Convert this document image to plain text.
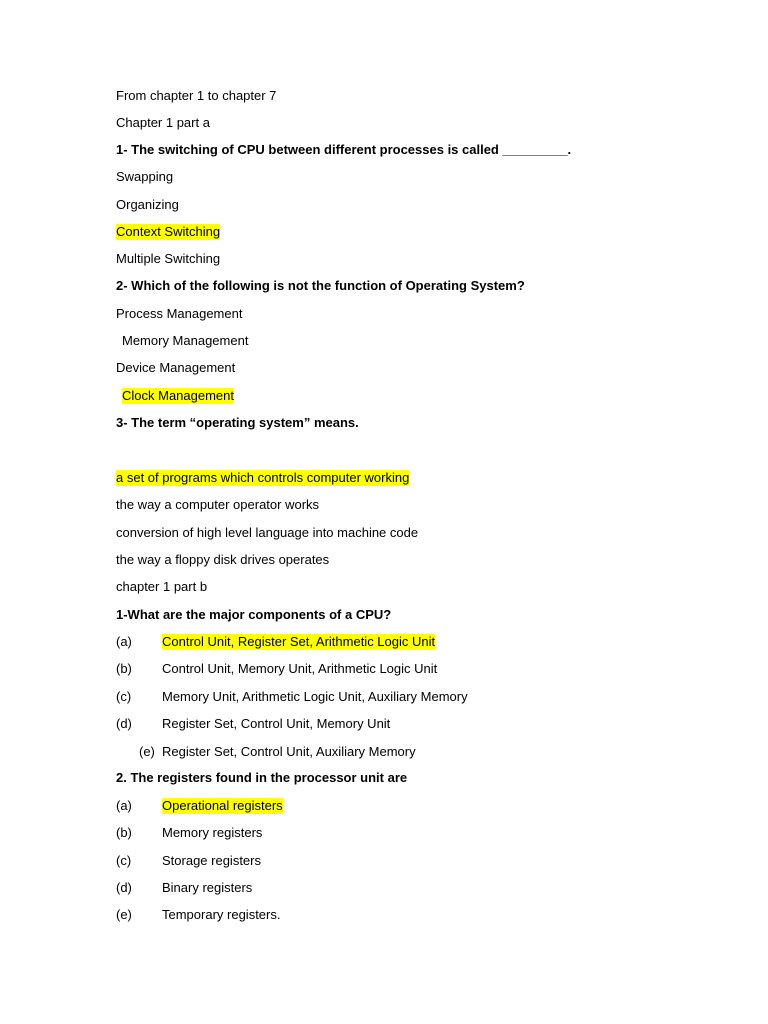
From chapter 1 to chapter 7
Chapter 1 part a
1- The switching of CPU between different processes is called _________.
Swapping
Organizing
Context Switching
Multiple Switching
2- Which of the following is not the function of Operating System?
Process Management
Memory Management
Device Management
Clock Management
3- The term “operating system” means.
a set of programs which controls computer working
the way a computer operator works
conversion of high level language into machine code
the way a floppy disk drives operates
chapter 1 part b
1-What are the major components of a CPU?
(a) Control Unit, Register Set, Arithmetic Logic Unit
(b) Control Unit, Memory Unit, Arithmetic Logic Unit
(c) Memory Unit, Arithmetic Logic Unit, Auxiliary Memory
(d) Register Set, Control Unit, Memory Unit
(e) Register Set, Control Unit, Auxiliary Memory
2. The registers found in the processor unit are
(a) Operational registers
(b) Memory registers
(c) Storage registers
(d) Binary registers
(e) Temporary registers.
